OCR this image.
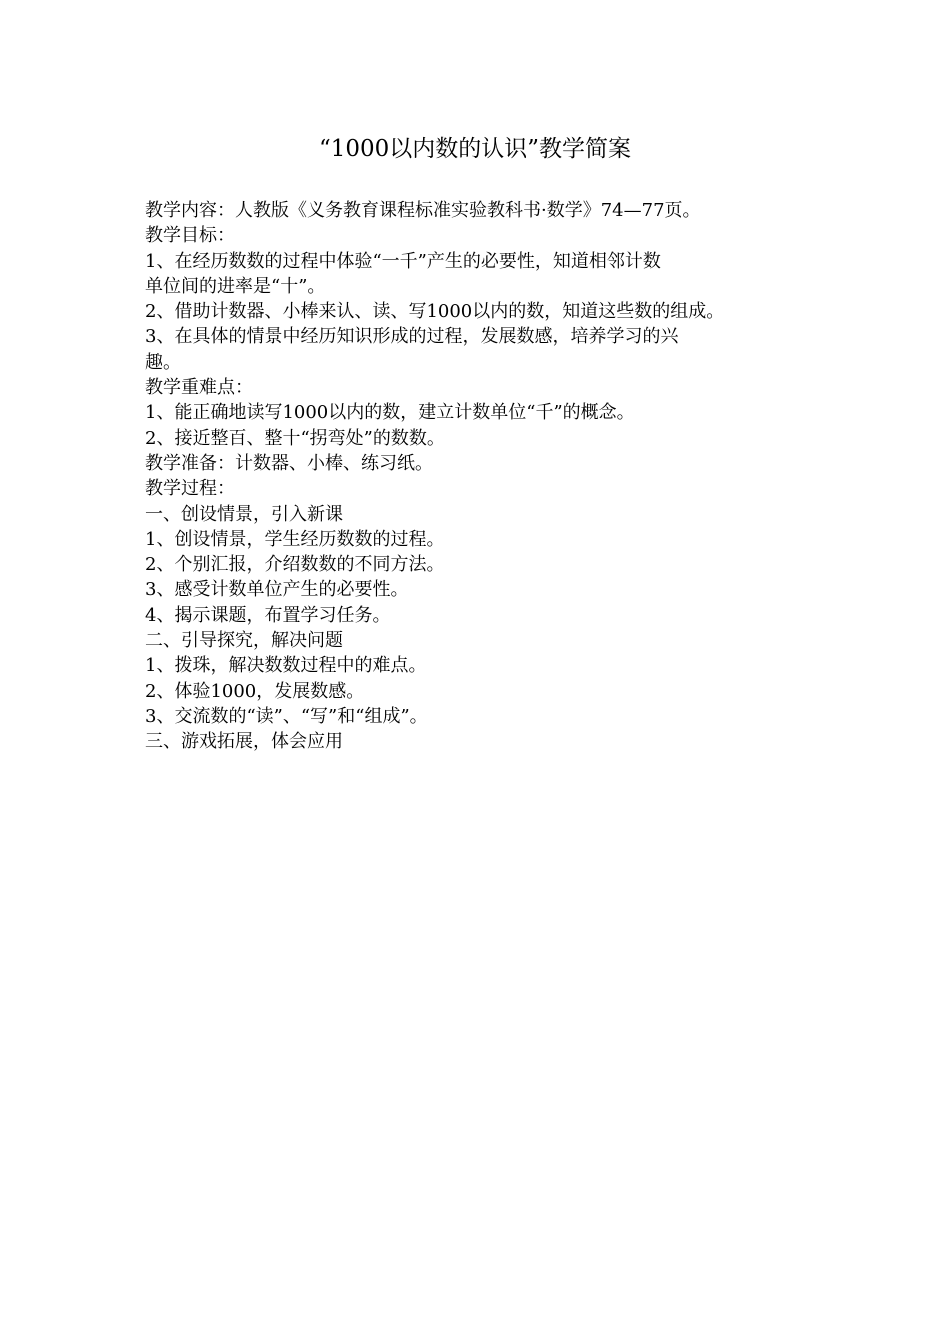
“1000以内数的认识”教学简案
教学内容：人教版《义务教育课程标准实验教科书·数学》74—77页。
教学目标：
1、在经历数数的过程中体验“一千”产生的必要性，知道相邻计数
单位间的进率是“十”。
2、借助计数器、小棒来认、读、写1000以内的数，知道这些数的组成。
3、在具体的情景中经历知识形成的过程，发展数感，培养学习的兴
趣。
教学重难点：
1、能正确地读写1000以内的数，建立计数单位“千”的概念。
2、接近整百、整十“拐弯处”的数数。
教学准备：计数器、小棒、练习纸。
教学过程：
一、创设情景，引入新课
1、创设情景，学生经历数数的过程。
2、个别汇报，介绍数数的不同方法。
3、感受计数单位产生的必要性。
4、揭示课题，布置学习任务。
二、引导探究，解决问题
1、拨珠，解决数数过程中的难点。
2、体验1000，发展数感。
3、交流数的“读”、“写”和“组成”。
三、游戏拓展，体会应用
